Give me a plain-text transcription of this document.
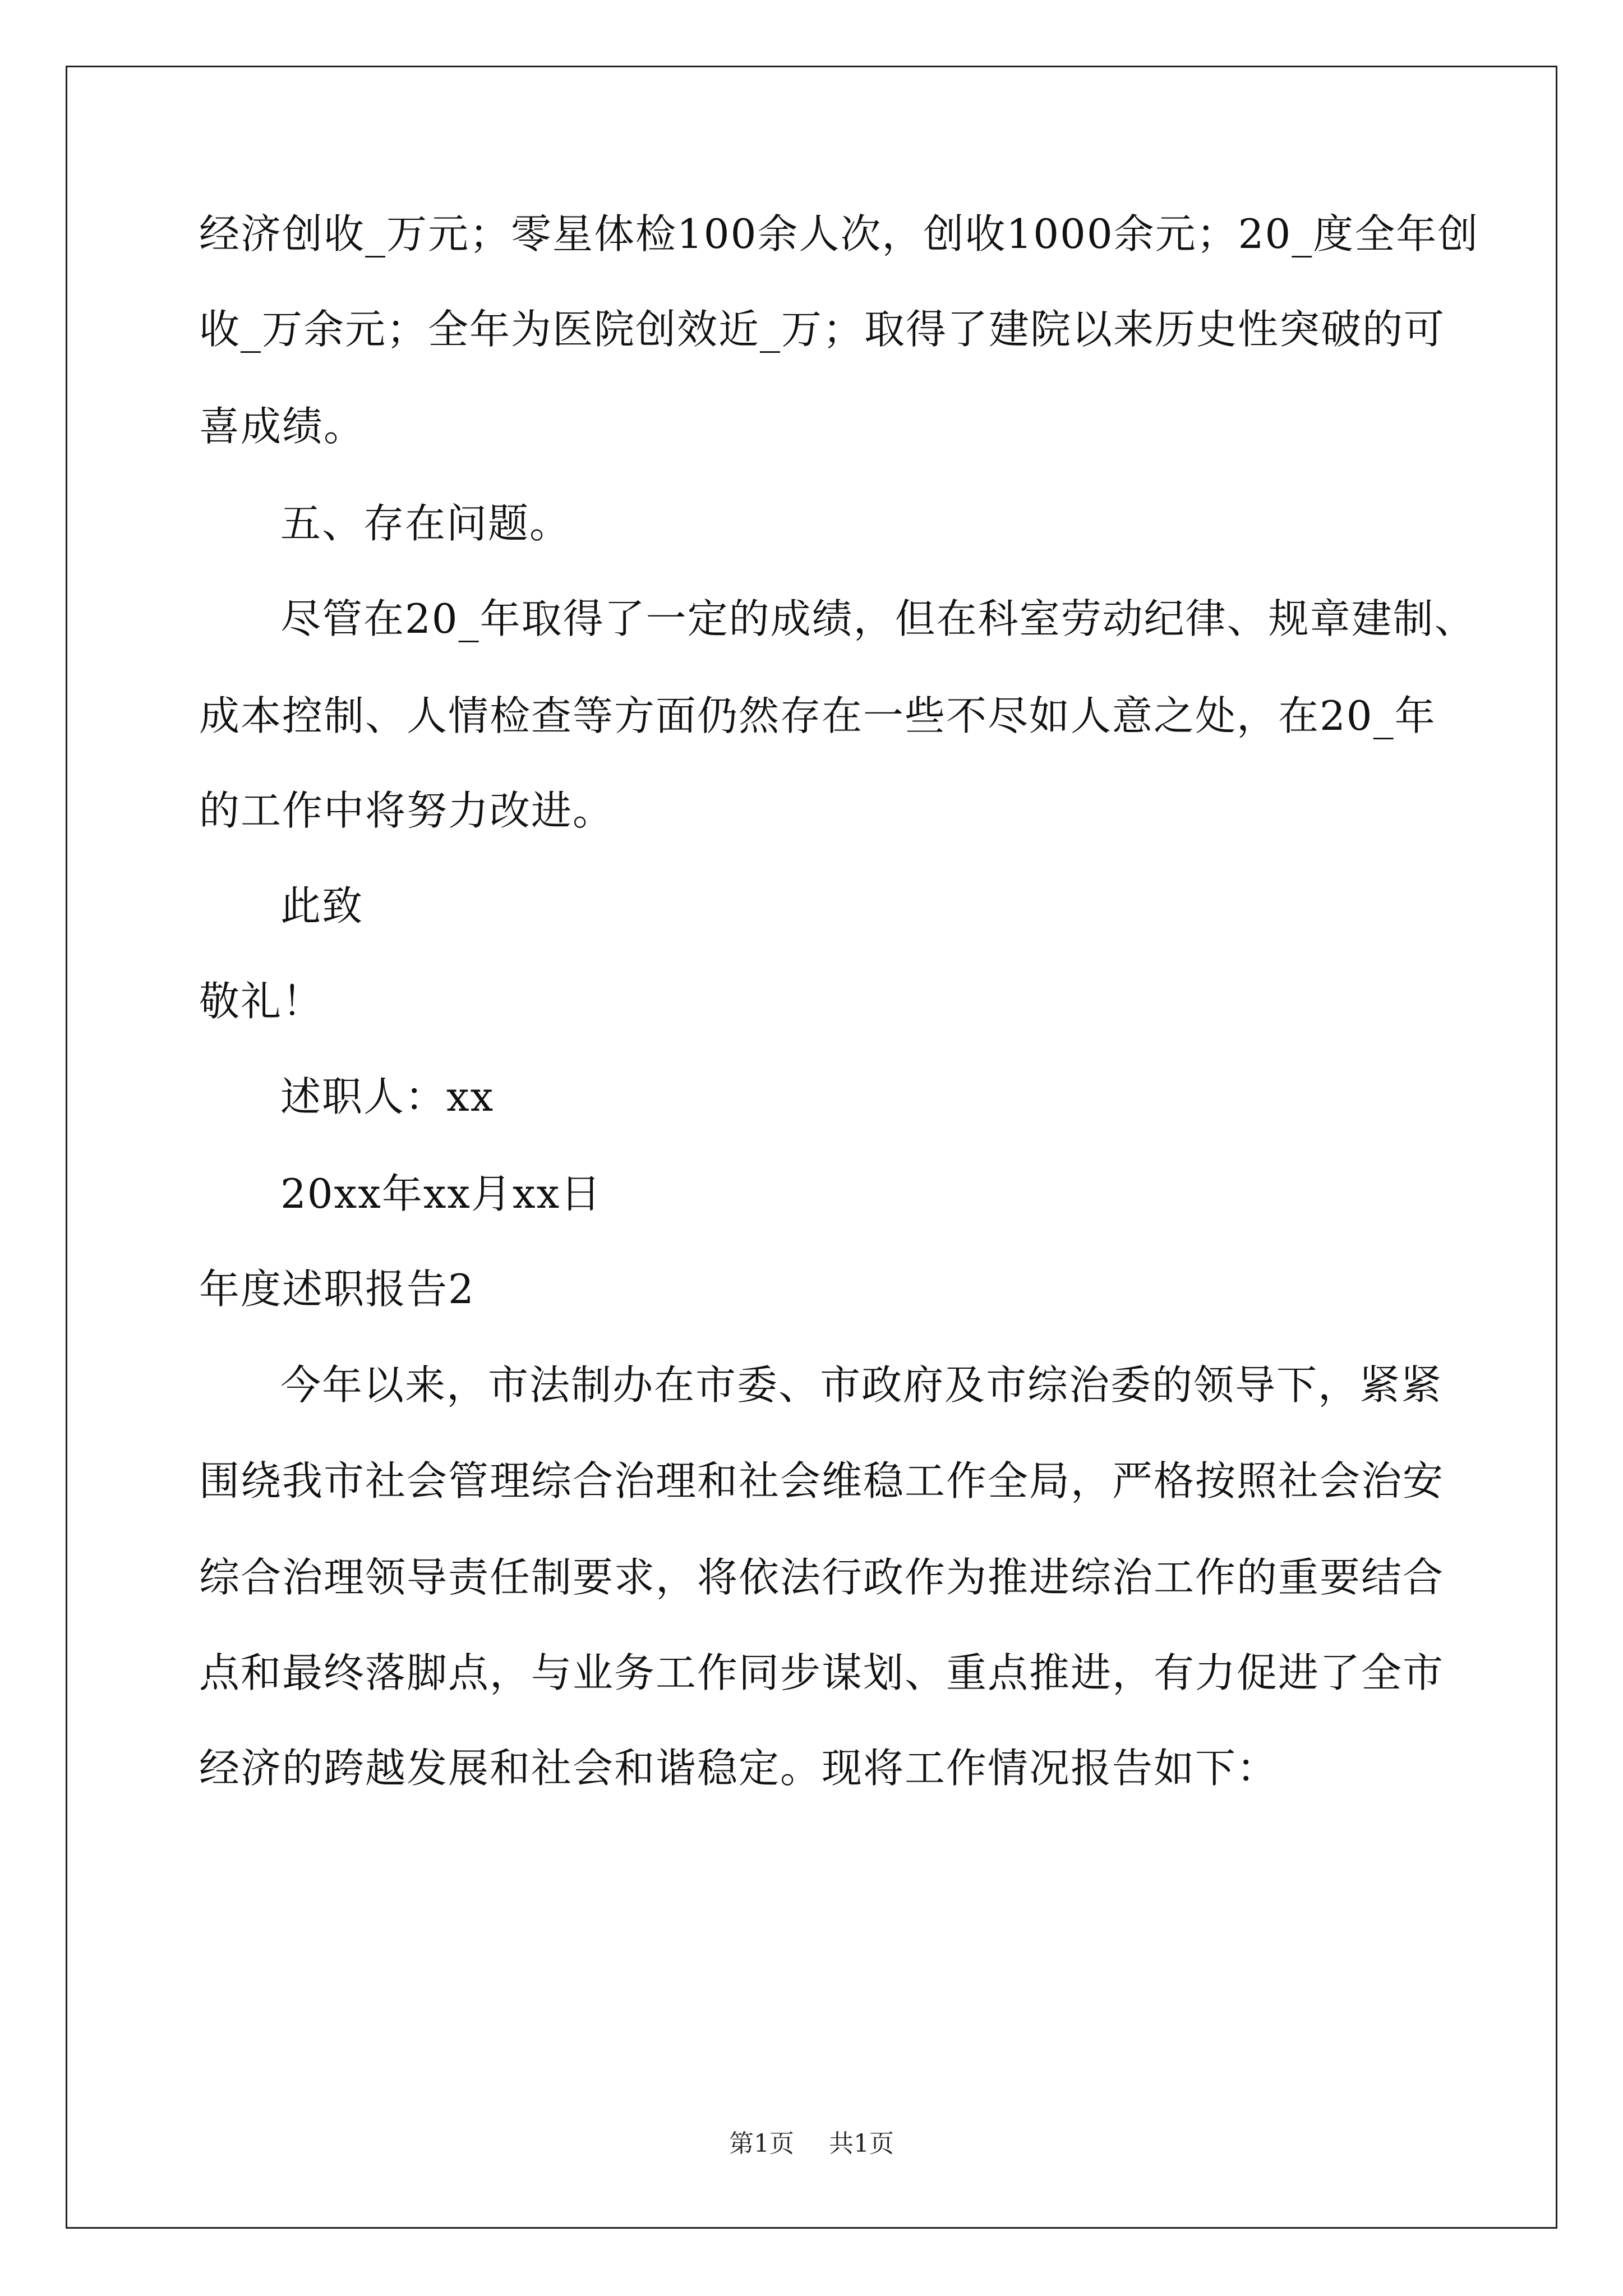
经济创收_万元；零星体检100余人次，创收1000余元；20_度全年创
收_万余元；全年为医院创效近_万；取得了建院以来历史性突破的可
喜成绩。
五、存在问题。
尽管在20_年取得了一定的成绩，但在科室劳动纪律、规章建制、
成本控制、人情检查等方面仍然存在一些不尽如人意之处，在20_年
的工作中将努力改进。
此致
敬礼！
述职人：xx
20xx年xx月xx日
年度述职报告2
今年以来，市法制办在市委、市政府及市综治委的领导下，紧紧
围绕我市社会管理综合治理和社会维稳工作全局，严格按照社会治安
综合治理领导责任制要求，将依法行政作为推进综治工作的重要结合
点和最终落脚点，与业务工作同步谋划、重点推进，有力促进了全市
经济的跨越发展和社会和谐稳定。现将工作情况报告如下：
第1页 共1页
